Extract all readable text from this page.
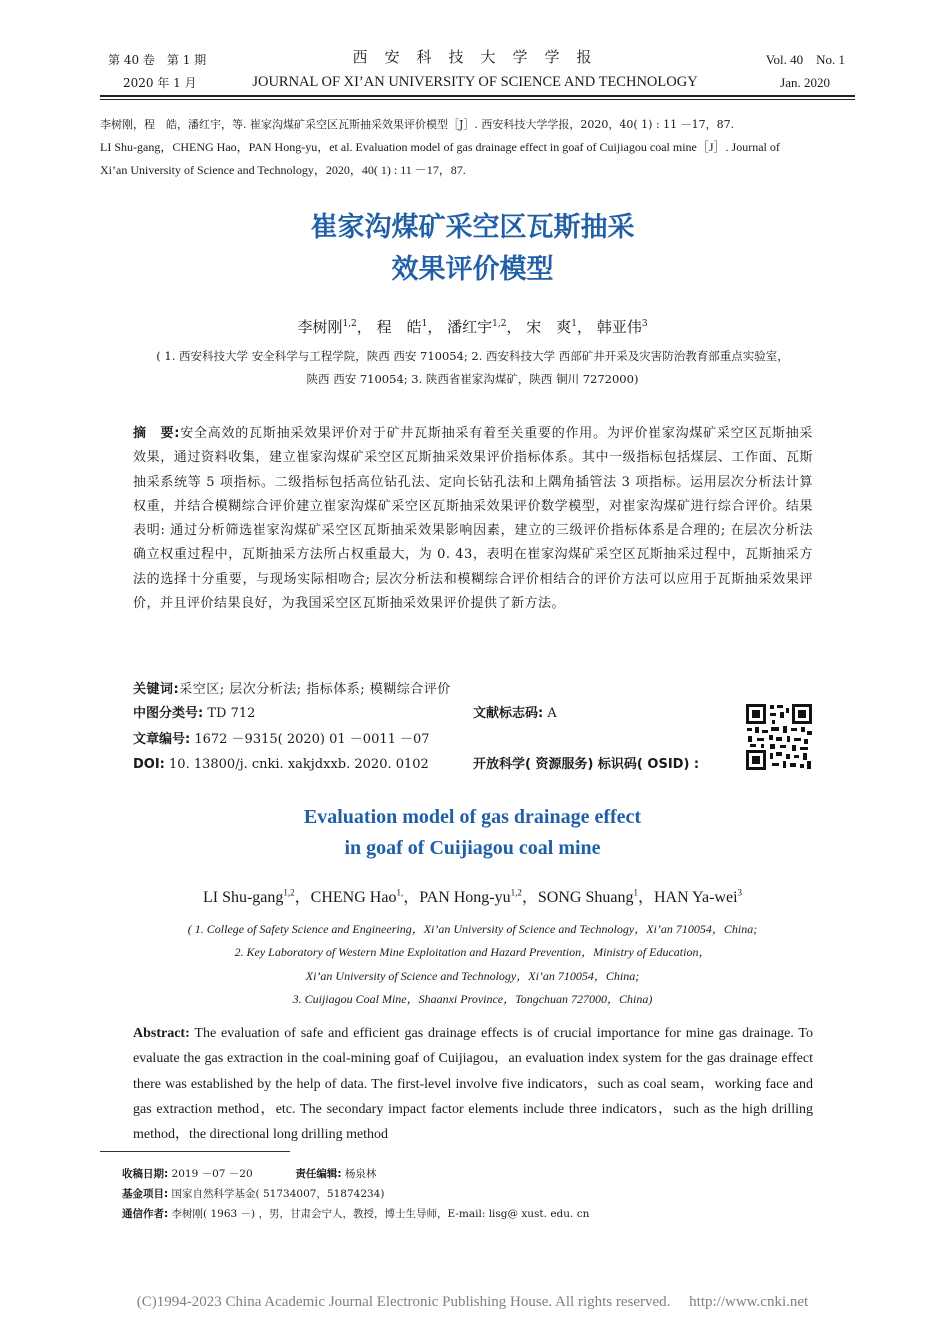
第 40 卷　第 1 期
2020 年 1 月
西　安　科　技　大　学　学　报
JOURNAL OF XI’AN UNIVERSITY OF SCIENCE AND TECHNOLOGY
Vol. 40　No. 1
Jan. 2020
李树刚，程　皓，潘红宇，等. 崔家沟煤矿采空区瓦斯抽采效果评价模型［J］. 西安科技大学学报，2020，40( 1) : 11 －17，87.
LI Shu-gang，CHENG Hao，PAN Hong-yu，et al. Evaluation model of gas drainage effect in goaf of Cuijiagou coal mine［J］. Journal of
Xi’an University of Science and Technology，2020，40( 1) : 11 －17，87.
崔家沟煤矿采空区瓦斯抽采
效果评价模型
李树刚$^{1,2}$， 程　皓$^1$， 潘红宇$^{1,2}$， 宋　爽$^1$， 韩亚伟$^3$
( 1. 西安科技大学 安全科学与工程学院，陕西 西安 710054; 2. 西安科技大学 西部矿井开采及灾害防治教育部重点实验室，
陕西 西安 710054; 3. 陕西省崔家沟煤矿，陕西 铜川 7272000)
摘　要:安全高效的瓦斯抽采效果评价对于矿井瓦斯抽采有着至关重要的作用。为评价崔家沟煤矿采空区瓦斯抽采效果，通过资料收集，建立崔家沟煤矿采空区瓦斯抽采效果评价指标体系。其中一级指标包括煤层、工作面、瓦斯抽采系统等 5 项指标。二级指标包括高位钻孔法、定向长钻孔法和上隅角插管法 3 项指标。运用层次分析法计算权重，并结合模糊综合评价建立崔家沟煤矿采空区瓦斯抽采效果评价数学模型，对崔家沟煤矿进行综合评价。结果表明: 通过分析筛选崔家沟煤矿采空区瓦斯抽采效果影响因素，建立的三级评价指标体系是合理的; 在层次分析法确立权重过程中，瓦斯抽采方法所占权重最大，为 0. 43，表明在崔家沟煤矿采空区瓦斯抽采过程中，瓦斯抽采方法的选择十分重要，与现场实际相吻合; 层次分析法和模糊综合评价相结合的评价方法可以应用于瓦斯抽采效果评价，并且评价结果良好，为我国采空区瓦斯抽采效果评价提供了新方法。
关键词:采空区; 层次分析法; 指标体系; 模糊综合评价
中图分类号: TD 712	文献标志码: A
文章编号: 1672 －9315( 2020) 01 －0011 －07
DOI: 10. 13800/j. cnki. xakjdxxb. 2020. 0102	开放科学( 资源服务) 标识码( OSID) :
Evaluation model of gas drainage effect
in goaf of Cuijiagou coal mine
LI Shu-gang$^{1,2}$，CHENG Hao$^{1,}$，PAN Hong-yu$^{1,2}$，SONG Shuang$^1$，HAN Ya-wei$^3$
( 1. College of Safety Science and Engineering，Xi’an University of Science and Technology，Xi’an 710054，China;
2. Key Laboratory of Western Mine Exploitation and Hazard Prevention，Ministry of Education，
Xi’an University of Science and Technology，Xi’an 710054，China;
3. Cuijiagou Coal Mine，Shaanxi Province，Tongchuan 727000，China)
Abstract: The evaluation of safe and efficient gas drainage effects is of crucial importance for mine gas drainage. To evaluate the gas extraction in the coal-mining goaf of Cuijiagou，an evaluation index system for the gas drainage effect there was established by the help of data. The first-level involve five indicators，such as coal seam，working face and gas extraction method，etc. The secondary impact factor elements include three indicators，such as the high drilling method，the directional long drilling method
收稿日期: 2019 －07 －20	责任编辑: 杨泉林
基金项目: 国家自然科学基金( 51734007，51874234)
通信作者: 李树刚( 1963 －) ，男，甘肃会宁人，教授，博士生导师，E-mail: lisg@ xust. edu. cn
(C)1994-2023 China Academic Journal Electronic Publishing House. All rights reserved.　 http://www.cnki.net
